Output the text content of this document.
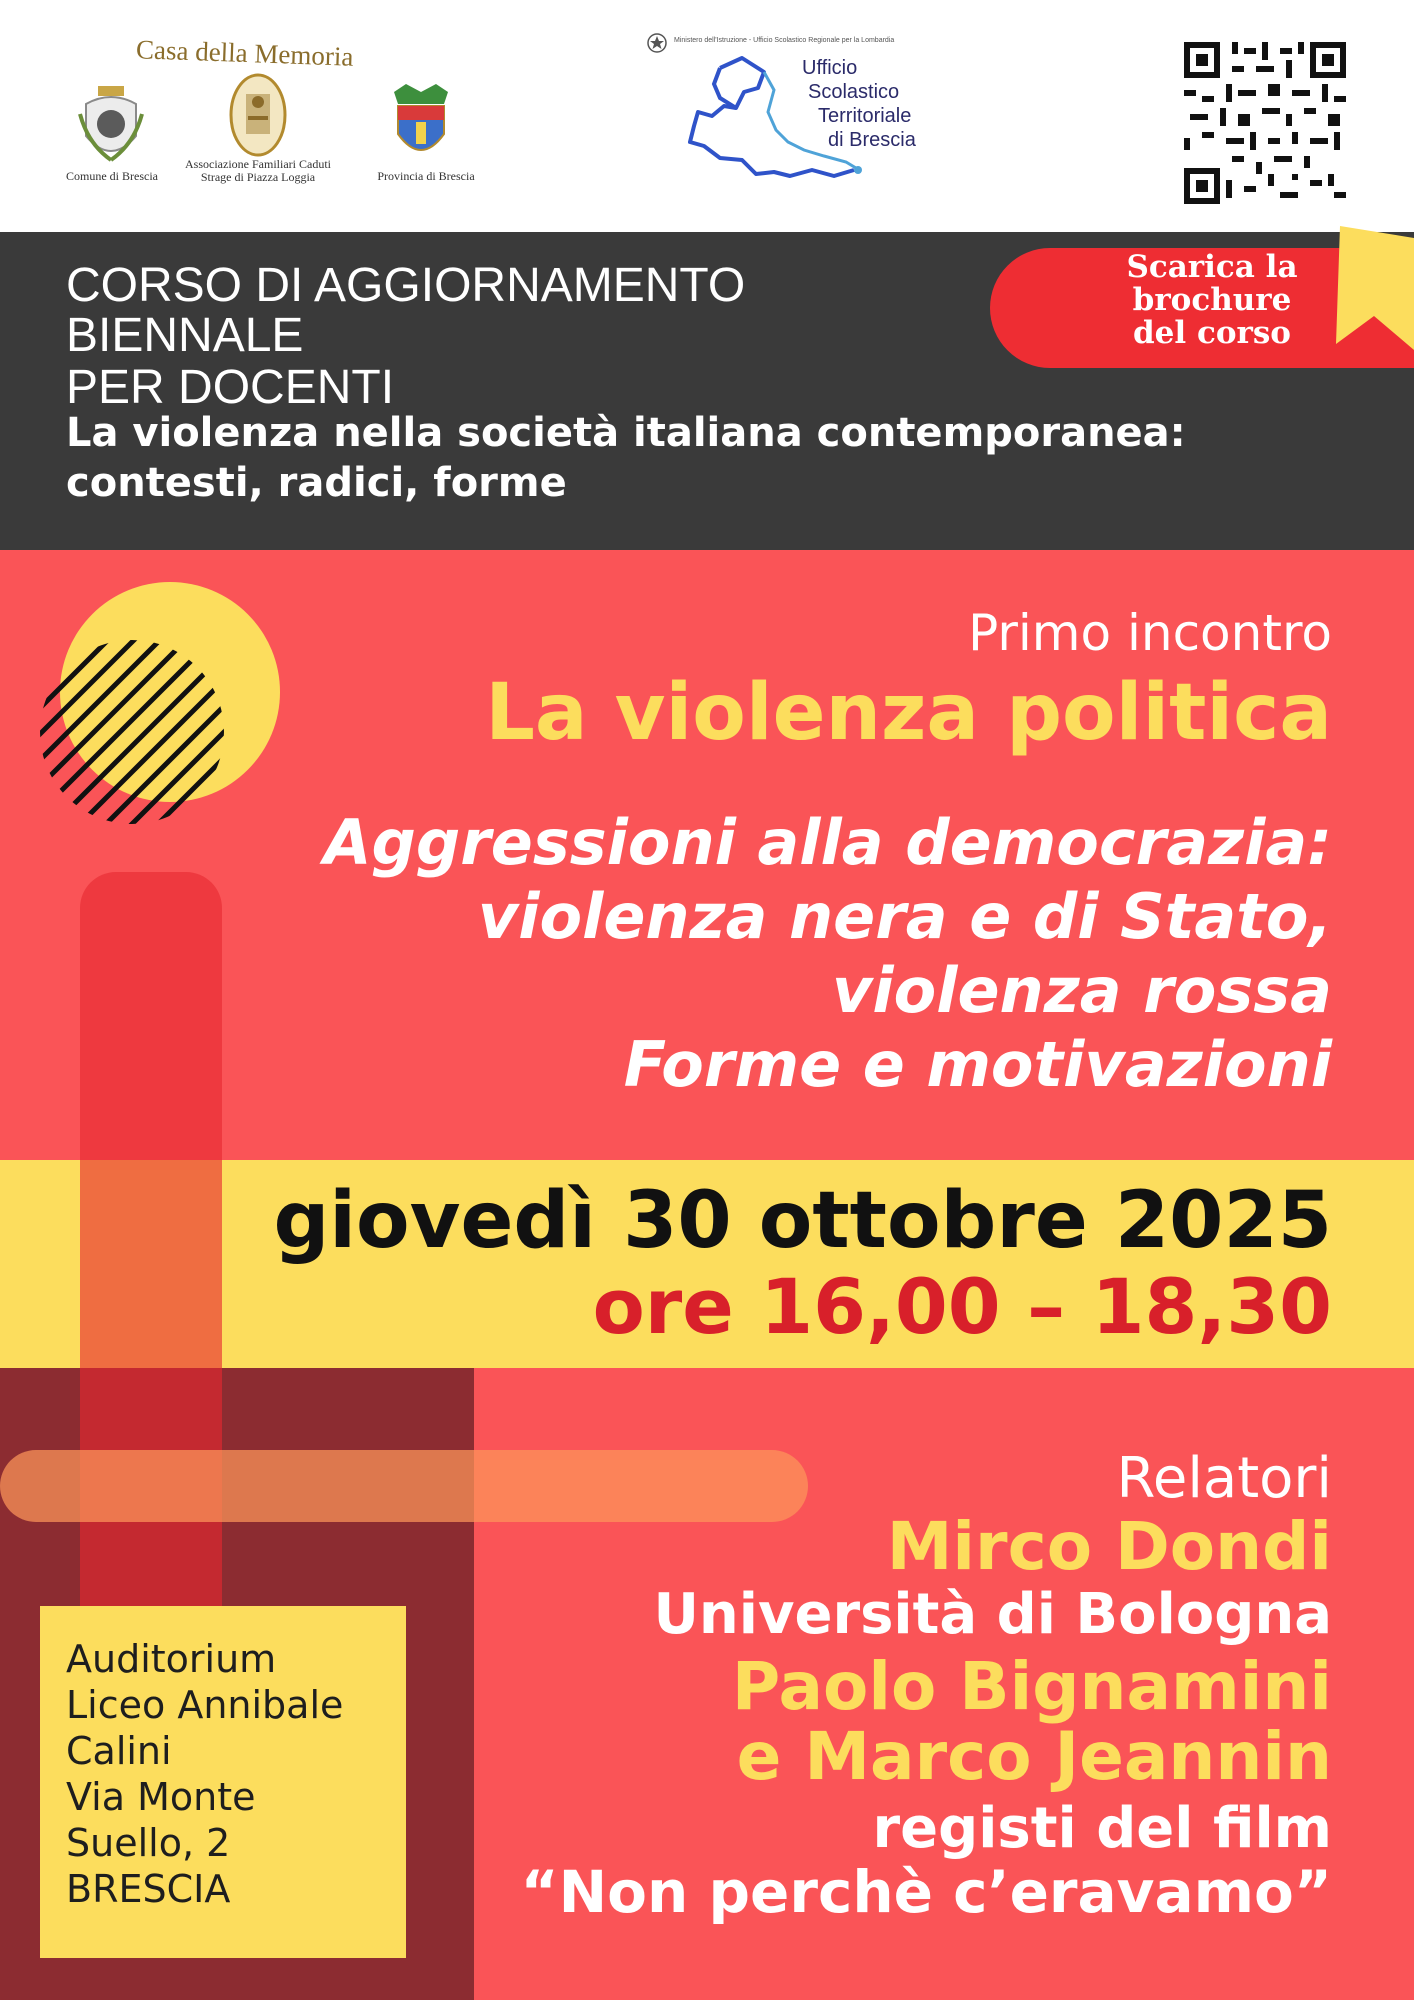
Casa della Memoria
Comune di Brescia
Associazione Familiari Caduti
Strage di Piazza Loggia	Provincia di Brescia
Ministero dell'Istruzione - Ufficio Scolastico Regionale per la Lombardia
Ufficio
Scolastico
Territoriale
di Brescia
CORSO DI AGGIORNAMENTO
BIENNALE
PER DOCENTI
La violenza nella società italiana contemporanea:
contesti, radici, forme
Scarica la
brochure
del corso
Primo incontro
La violenza politica
Aggressioni alla democrazia:
violenza nera e di Stato,
violenza rossa
Forme e motivazioni
giovedì 30 ottobre 2025
ore 16,00 – 18,30
Relatori
Mirco Dondi
Università di Bologna
Paolo Bignamini
e Marco Jeannin
registi del film
“Non perchè c’eravamo”
Auditorium
Liceo Annibale
Calini
Via Monte
Suello, 2
BRESCIA
